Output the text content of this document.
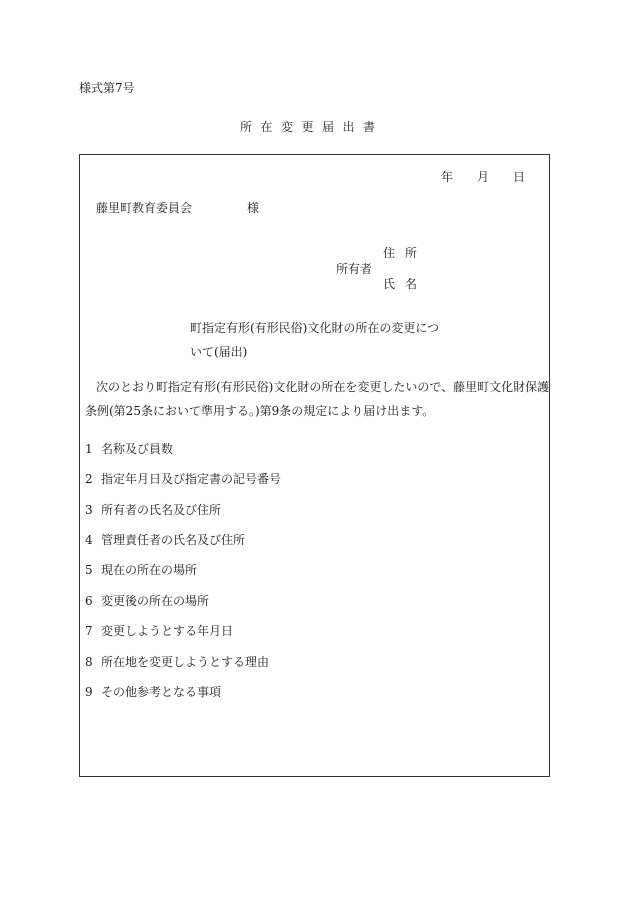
様式第7号
所在変更届出書
年 月 日
藤里町教育委員会	様
住所
所有者
氏名
町指定有形(有形民俗)文化財の所在の変更につ
いて(届出)
次のとおり町指定有形(有形民俗)文化財の所在を変更したいので、藤里町文化財保護
条例(第25条において準用する。)第9条の規定により届け出ます。
1 名称及び員数
2 指定年月日及び指定書の記号番号
3 所有者の氏名及び住所
4 管理責任者の氏名及び住所
5 現在の所在の場所
6 変更後の所在の場所
7 変更しようとする年月日
8 所在地を変更しようとする理由
9 その他参考となる事項
